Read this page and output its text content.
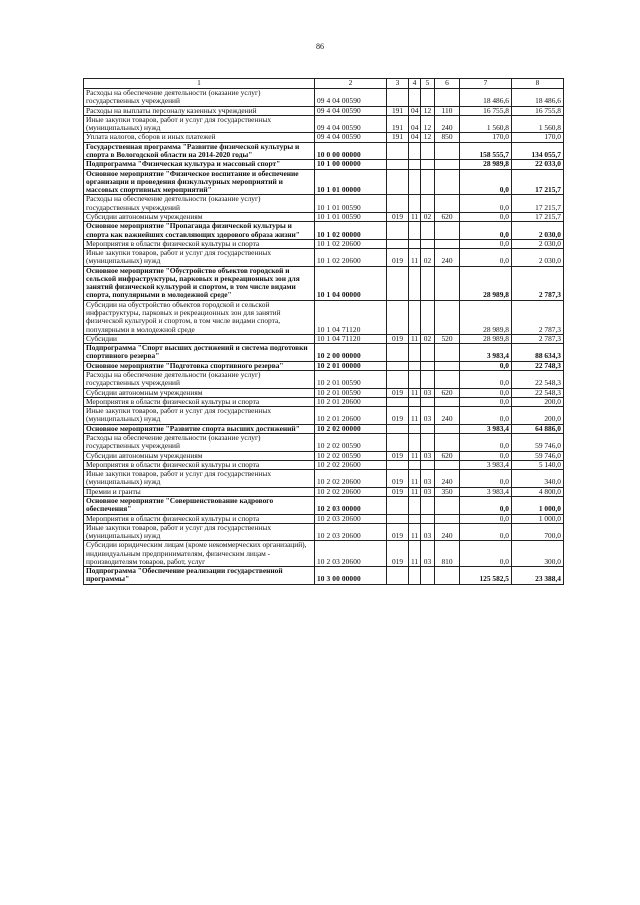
86
1	2	3	4	5	6	7	8
Расходы на обеспечение деятельности (оказание услуг) государственных учреждений	09 4 04 00590					18 486,6	18 486,6
Расходы на выплаты персоналу казенных учреждений	09 4 04 00590	191	04	12	110	16 755,8	16 755,8
Иные закупки товаров, работ и услуг для государственных (муниципальных) нужд	09 4 04 00590	191	04	12	240	1 560,8	1 560,8
Уплата налогов, сборов и иных платежей	09 4 04 00590	191	04	12	850	170,0	170,0
Государственная программа "Развитие физической культуры и спорта в Вологодской области на 2014-2020 годы"	10 0 00 00000					158 555,7	134 055,7
Подпрограмма "Физическая культура и массовый спорт"	10 1 00 00000					28 989,8	22 033,0
Основное мероприятие "Физическое воспитание и обеспечение организации и проведения физкультурных мероприятий и массовых спортивных мероприятий"	10 1 01 00000					0,0	17 215,7
Расходы на обеспечение деятельности (оказание услуг) государственных учреждений	10 1 01 00590					0,0	17 215,7
Субсидии автономным учреждениям	10 1 01 00590	019	11	02	620	0,0	17 215,7
Основное мероприятие "Пропаганда физической культуры и спорта как важнейших составляющих здорового образа жизни"	10 1 02 00000					0,0	2 030,0
Мероприятия в области физической культуры и спорта	10 1 02 20600					0,0	2 030,0
Иные закупки товаров, работ и услуг для государственных (муниципальных) нужд	10 1 02 20600	019	11	02	240	0,0	2 030,0
Основное мероприятие "Обустройство объектов городской и сельской инфраструктуры, парковых и рекреационных зон для занятий физической культурой и спортом, в том числе видами спорта, популярными в молодежной среде"	10 1 04 00000					28 989,8	2 787,3
Субсидии на обустройство объектов городской и сельской инфраструктуры, парковых и рекреационных зон для занятий физической культурой и спортом, в том числе видами спорта, популярными в молодежной среде	10 1 04 71120					28 989,8	2 787,3
Субсидии	10 1 04 71120	019	11	02	520	28 989,8	2 787,3
Подпрограмма "Спорт высших достижений и система подготовки спортивного резерва"	10 2 00 00000					3 983,4	88 634,3
Основное мероприятие "Подготовка спортивного резерва"	10 2 01 00000					0,0	22 748,3
Расходы на обеспечение деятельности (оказание услуг) государственных учреждений	10 2 01 00590					0,0	22 548,3
Субсидии автономным учреждениям	10 2 01 00590	019	11	03	620	0,0	22 548,3
Мероприятия в области физической культуры и спорта	10 2 01 20600					0,0	200,0
Иные закупки товаров, работ и услуг для государственных (муниципальных) нужд	10 2 01 20600	019	11	03	240	0,0	200,0
Основное мероприятие "Развитие спорта высших достижений"	10 2 02 00000					3 983,4	64 886,0
Расходы на обеспечение деятельности (оказание услуг) государственных учреждений	10 2 02 00590					0,0	59 746,0
Субсидии автономным учреждениям	10 2 02 00590	019	11	03	620	0,0	59 746,0
Мероприятия в области физической культуры и спорта	10 2 02 20600					3 983,4	5 140,0
Иные закупки товаров, работ и услуг для государственных (муниципальных) нужд	10 2 02 20600	019	11	03	240	0,0	340,0
Премии и гранты	10 2 02 20600	019	11	03	350	3 983,4	4 800,0
Основное мероприятие "Совершенствование кадрового обеспечения"	10 2 03 00000					0,0	1 000,0
Мероприятия в области физической культуры и спорта	10 2 03 20600					0,0	1 000,0
Иные закупки товаров, работ и услуг для государственных (муниципальных) нужд	10 2 03 20600	019	11	03	240	0,0	700,0
Субсидии юридическим лицам (кроме некоммерческих организаций), индивидуальным предпринимателям, физическим лицам - производителям товаров, работ, услуг	10 2 03 20600	019	11	03	810	0,0	300,0
Подпрограмма "Обеспечение реализации государственной программы"	10 3 00 00000					125 582,5	23 388,4
